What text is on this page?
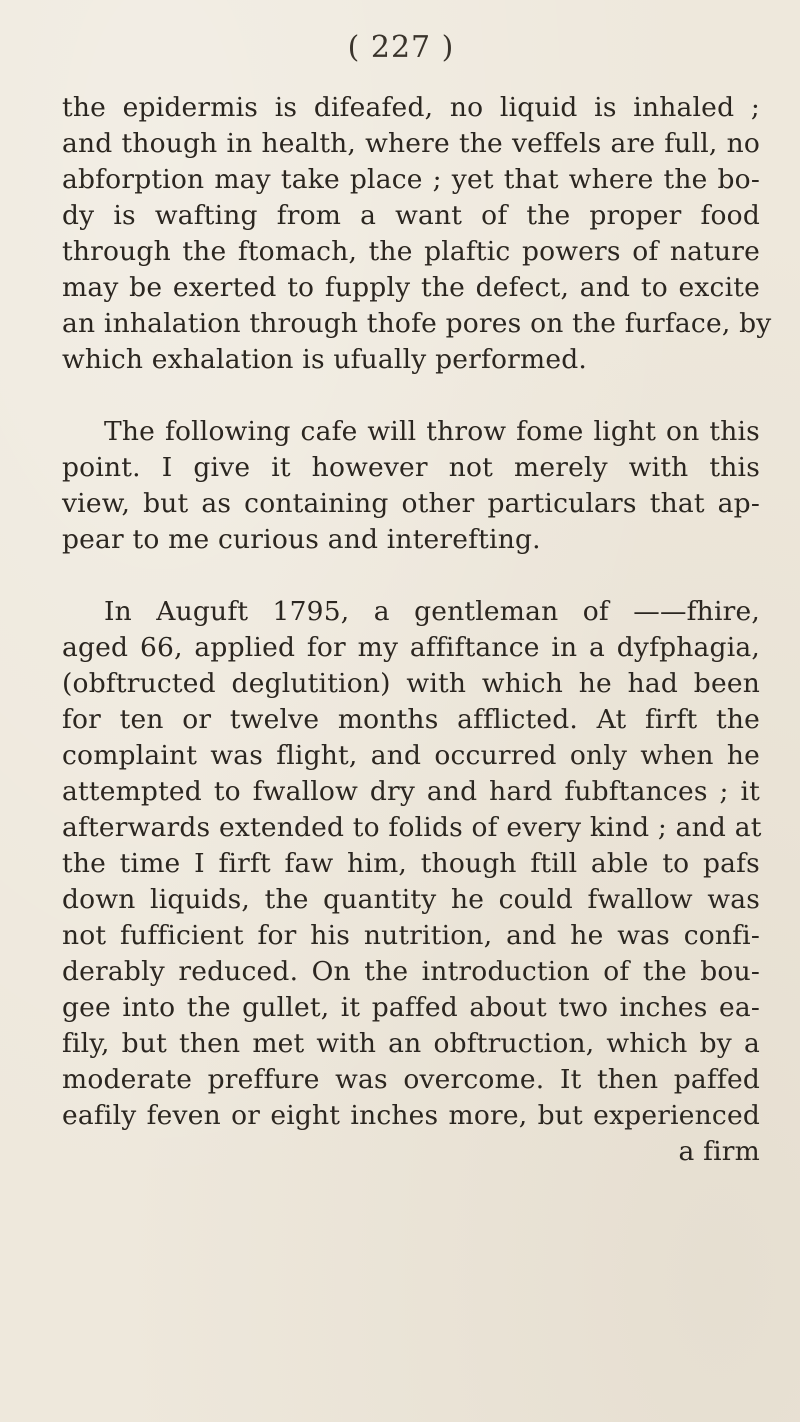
( 227 )
the epidermis is difeafed, no liquid is inhaled ;
and though in health, where the veffels are full, no
abforption may take place ; yet that where the bo-
dy is wafting from a want of the proper food
through the ftomach, the plaftic powers of nature
may be exerted to fupply the defect, and to excite
an inhalation through thofe pores on the furface, by
which exhalation is ufually performed.
The following cafe will throw fome light on this
point. I give it however not merely with this
view, but as containing other particulars that ap-
pear to me curious and interefting.
In Auguft 1795, a gentleman of ——fhire,
aged 66, applied for my affiftance in a dyfphagia,
(obftructed deglutition) with which he had been
for ten or twelve months afflicted. At firft the
complaint was flight, and occurred only when he
attempted to fwallow dry and hard fubftances ; it
afterwards extended to folids of every kind ; and at
the time I firft faw him, though ftill able to pafs
down liquids, the quantity he could fwallow was
not fufficient for his nutrition, and he was confi-
derably reduced. On the introduction of the bou-
gee into the gullet, it paffed about two inches ea-
fily, but then met with an obftruction, which by a
moderate preffure was overcome. It then paffed
eafily feven or eight inches more, but experienced
a firm
